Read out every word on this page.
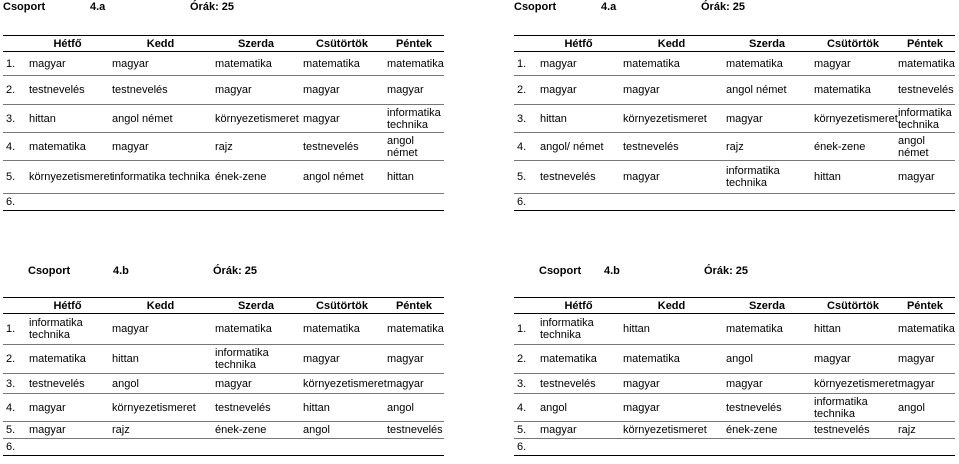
Csoport	4.a	Órák: 25
	Hétfő	Kedd	Szerda	Csütörtök	Péntek
1.	magyar	magyar	matematika	matematika	matematika
2.	testnevelés	testnevelés	magyar	magyar	magyar
3.	hittan	angol német	környezetismeret	magyar	informatika technika
4.	matematika	magyar	rajz	testnevelés	angol német
5.	környezetismeret	informatika technika	ének-zene	angol német	hittan
6.					
Csoport	4.a	Órák: 25
	Hétfő	Kedd	Szerda	Csütörtök	Péntek
1.	magyar	matematika	matematika	magyar	matematika
2.	magyar	magyar	angol német	matematika	testnevelés
3.	hittan	környezetismeret	magyar	környezetismeret	informatika technika
4.	angol/ német	testnevelés	rajz	ének-zene	angol német
5.	testnevelés	magyar	informatika technika	hittan	magyar
6.					
Csoport	4.b	Órák: 25
	Hétfő	Kedd	Szerda	Csütörtök	Péntek
1.	informatika technika	magyar	matematika	matematika	matematika
2.	matematika	hittan	informatika technika	magyar	magyar
3.	testnevelés	angol	magyar	környezetismeret	magyar
4.	magyar	környezetismeret	testnevelés	hittan	angol
5.	magyar	rajz	ének-zene	angol	testnevelés
6.					
Csoport 4.b	Órák: 25
	Hétfő	Kedd	Szerda	Csütörtök	Péntek
1.	informatika technika	hittan	matematika	hittan	matematika
2.	matematika	matematika	angol	magyar	magyar
3.	testnevelés	magyar	magyar	környezetismeret	magyar
4.	angol	magyar	testnevelés	informatika technika	angol
5.	magyar	környezetismeret	ének-zene	testnevelés	rajz
6.					
